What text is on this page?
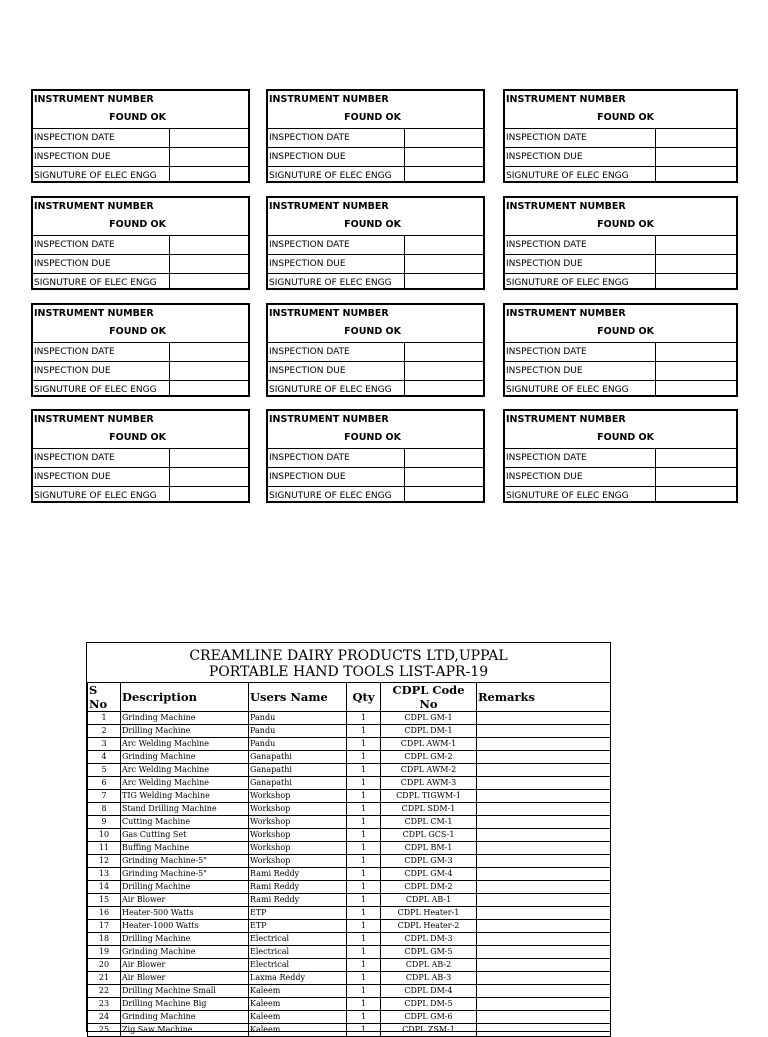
INSTRUMENT NUMBER
FOUND OK
INSPECTION DATE
INSPECTION DUE
SIGNUTURE OF ELEC ENGG
INSTRUMENT NUMBER
FOUND OK
INSPECTION DATE
INSPECTION DUE
SIGNUTURE OF ELEC ENGG
INSTRUMENT NUMBER
FOUND OK
INSPECTION DATE
INSPECTION DUE
SIGNUTURE OF ELEC ENGG
INSTRUMENT NUMBER
FOUND OK
INSPECTION DATE
INSPECTION DUE
SIGNUTURE OF ELEC ENGG
INSTRUMENT NUMBER
FOUND OK
INSPECTION DATE
INSPECTION DUE
SIGNUTURE OF ELEC ENGG
INSTRUMENT NUMBER
FOUND OK
INSPECTION DATE
INSPECTION DUE
SIGNUTURE OF ELEC ENGG
INSTRUMENT NUMBER
FOUND OK
INSPECTION DATE
INSPECTION DUE
SIGNUTURE OF ELEC ENGG
INSTRUMENT NUMBER
FOUND OK
INSPECTION DATE
INSPECTION DUE
SIGNUTURE OF ELEC ENGG
INSTRUMENT NUMBER
FOUND OK
INSPECTION DATE
INSPECTION DUE
SIGNUTURE OF ELEC ENGG
INSTRUMENT NUMBER
FOUND OK
INSPECTION DATE
INSPECTION DUE
SIGNUTURE OF ELEC ENGG
INSTRUMENT NUMBER
FOUND OK
INSPECTION DATE
INSPECTION DUE
SIGNUTURE OF ELEC ENGG
INSTRUMENT NUMBER
FOUND OK
INSPECTION DATE
INSPECTION DUE
SIGNUTURE OF ELEC ENGG
CREAMLINE DAIRY PRODUCTS LTD,UPPAL
PORTABLE HAND TOOLS LIST-APR-19
S No	Description	Users Name	Qty	CDPL Code No	Remarks
1	Grinding Machine	Pandu	1	CDPL GM-1	
2	Drilling Machine	Pandu	1	CDPL DM-1	
3	Arc Welding Machine	Pandu	1	CDPL AWM-1	
4	Grinding Machine	Ganapathi	1	CDPL GM-2	
5	Arc Welding Machine	Ganapathi	1	CDPL AWM-2	
6	Arc Welding Machine	Ganapathi	1	CDPL AWM-3	
7	TIG Welding Machine	Workshop	1	CDPL TIGWM-1	
8	Stand Drilling Machine	Workshop	1	CDPL SDM-1	
9	Cutting Machine	Workshop	1	CDPL CM-1	
10	Gas Cutting Set	Workshop	1	CDPL GCS-1	
11	Buffing Machine	Workshop	1	CDPL BM-1	
12	Grinding Machine-5"	Workshop	1	CDPL GM-3	
13	Grinding Machine-5"	Rami Reddy	1	CDPL GM-4	
14	Drilling Machine	Rami Reddy	1	CDPL DM-2	
15	Air Blower	Rami Reddy	1	CDPL AB-1	
16	Heater-500 Watts	ETP	1	CDPL Heater-1	
17	Heater-1000 Watts	ETP	1	CDPL Heater-2	
18	Drilling Machine	Electrical	1	CDPL DM-3	
19	Grinding Machine	Electrical	1	CDPL GM-5	
20	Air Blower	Electrical	1	CDPL AB-2	
21	Air Blower	Laxma Reddy	1	CDPL AB-3	
22	Drilling Machine Small	Kaleem	1	CDPL DM-4	
23	Drilling Machine Big	Kaleem	1	CDPL DM-5	
24	Grinding Machine	Kaleem	1	CDPL GM-6	
25	Zig Saw Machine	Kaleem	1	CDPL ZSM-1	
